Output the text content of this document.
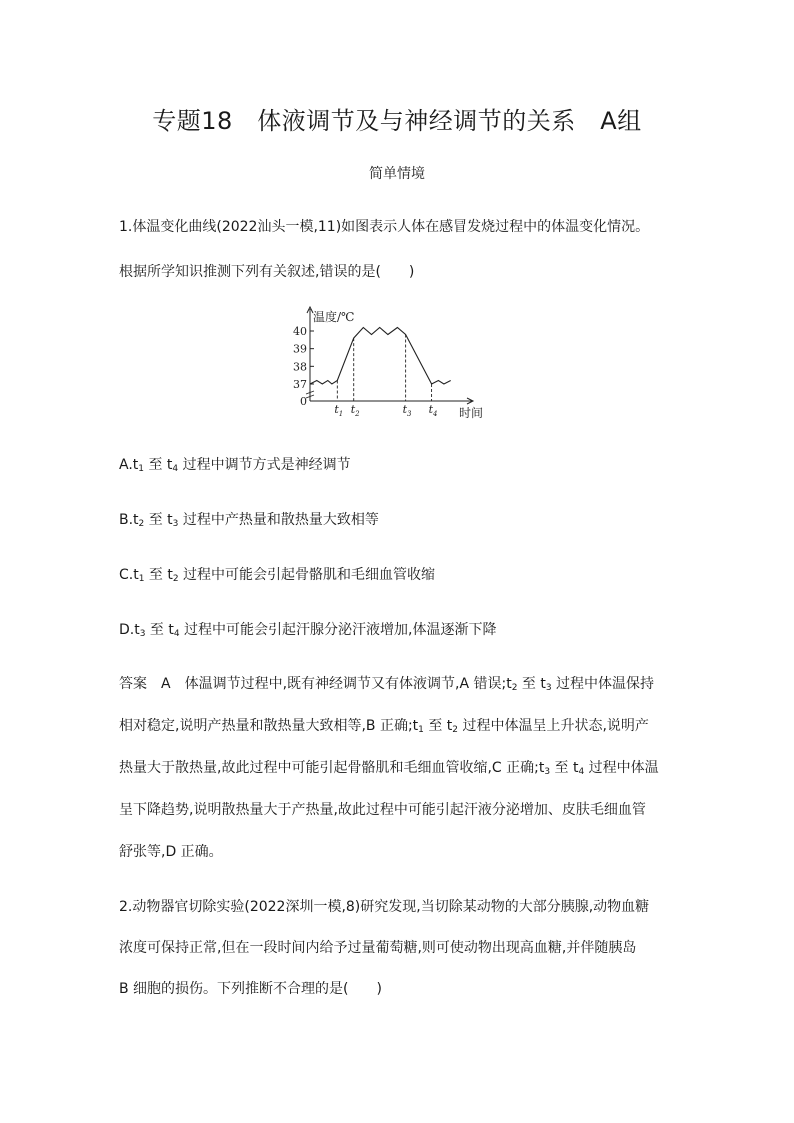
专题18　体液调节及与神经调节的关系　A组
简单情境
1.体温变化曲线(2022汕头一模,11)如图表示人体在感冒发烧过程中的体温变化情况。
根据所学知识推测下列有关叙述,错误的是(　　)
温度/℃
时间
40
39
38
37
0
$t_1$ $t_2$	$t_3$ $t_4$
$A.t_1$ 至 $t_4$ 过程中调节方式是神经调节
$B.t_2$ 至 $t_3$ 过程中产热量和散热量大致相等
$C.t_1$ 至 $t_2$ 过程中可能会引起骨骼肌和毛细血管收缩
$D.t_3$ 至 $t_4$ 过程中可能会引起汗腺分泌汗液增加,体温逐渐下降
答案　A　体温调节过程中,既有神经调节又有体液调节,A 错误$;t_2$ 至 $t_3$ 过程中体温保持
相对稳定,说明产热量和散热量大致相等,B 正确$;t_1$ 至 $t_2$ 过程中体温呈上升状态,说明产
热量大于散热量,故此过程中可能引起骨骼肌和毛细血管收缩,C 正确$;t_3$ 至 $t_4$ 过程中体温
呈下降趋势,说明散热量大于产热量,故此过程中可能引起汗液分泌增加、皮肤毛细血管
舒张等,D 正确。
2.动物器官切除实验(2022深圳一模,8)研究发现,当切除某动物的大部分胰腺,动物血糖
浓度可保持正常,但在一段时间内给予过量葡萄糖,则可使动物出现高血糖,并伴随胰岛
B 细胞的损伤。下列推断不合理的是(　　)
